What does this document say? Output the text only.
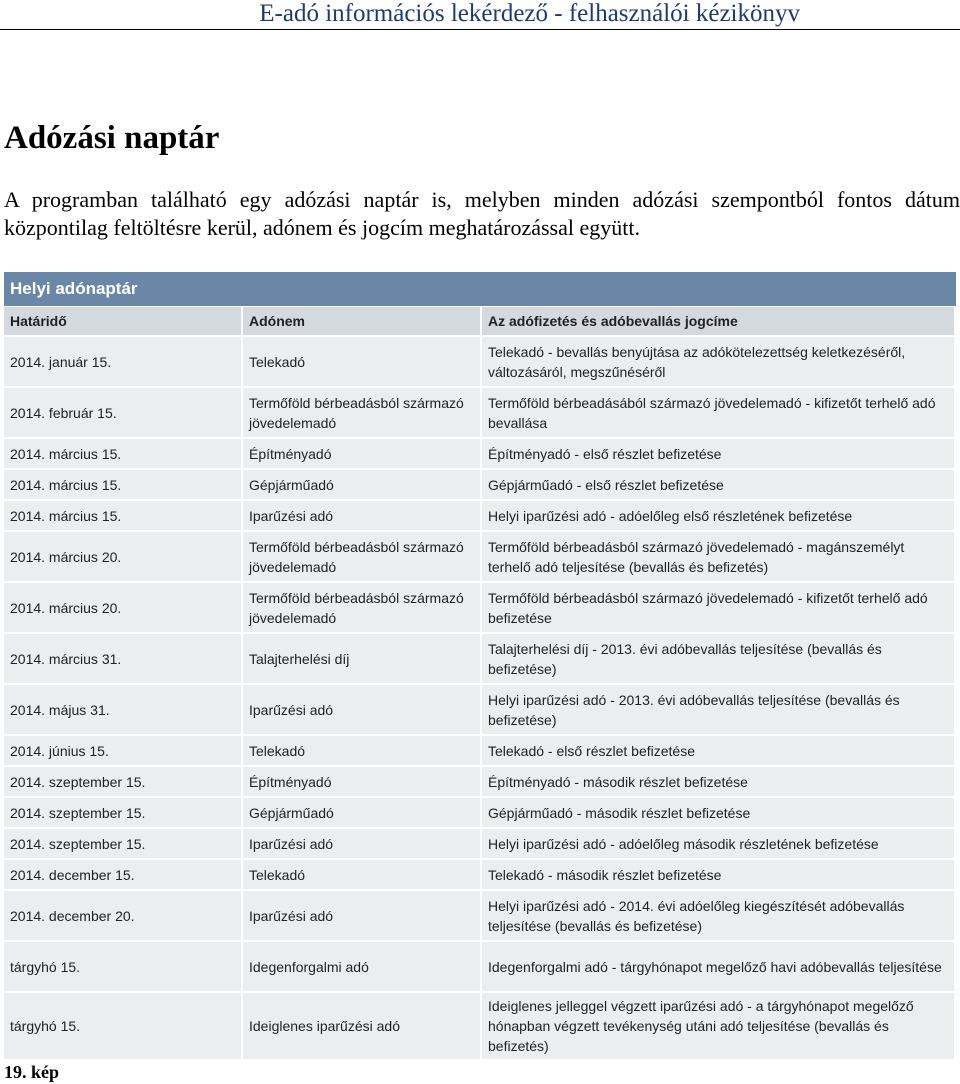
E-adó információs lekérdező - felhasználói kézikönyv
Adózási naptár

A programban található egy adózási naptár is, melyben minden adózási szempontból fontos dátum központilag feltöltésre kerül, adónem és jogcím meghatározással együtt.

Helyi adónaptár
Határidő	Adónem	Az adófizetés és adóbevallás jogcíme
2014. január 15.	Telekadó	Telekadó - bevallás benyújtása az adókötelezettség keletkezéséről, változásáról, megszűnéséről
2014. február 15.	Termőföld bérbeadásból származó jövedelemadó	Termőföld bérbeadásából származó jövedelemadó - kifizetőt terhelő adó bevallása
2014. március 15.	Építményadó	Építményadó - első részlet befizetése
2014. március 15.	Gépjárműadó	Gépjárműadó - első részlet befizetése
2014. március 15.	Iparűzési adó	Helyi iparűzési adó - adóelőleg első részletének befizetése
2014. március 20.	Termőföld bérbeadásból származó jövedelemadó	Termőföld bérbeadásból származó jövedelemadó - magánszemélyt terhelő adó teljesítése (bevallás és befizetés)
2014. március 20.	Termőföld bérbeadásból származó jövedelemadó	Termőföld bérbeadásból származó jövedelemadó - kifizetőt terhelő adó befizetése
2014. március 31.	Talajterhelési díj	Talajterhelési díj - 2013. évi adóbevallás teljesítése (bevallás és befizetése)
2014. május 31.	Iparűzési adó	Helyi iparűzési adó - 2013. évi adóbevallás teljesítése (bevallás és befizetése)
2014. június 15.	Telekadó	Telekadó - első részlet befizetése
2014. szeptember 15.	Építményadó	Építményadó - második részlet befizetése
2014. szeptember 15.	Gépjárműadó	Gépjárműadó - második részlet befizetése
2014. szeptember 15.	Iparűzési adó	Helyi iparűzési adó - adóelőleg második részletének befizetése
2014. december 15.	Telekadó	Telekadó - második részlet befizetése
2014. december 20.	Iparűzési adó	Helyi iparűzési adó - 2014. évi adóelőleg kiegészítését adóbevallás teljesítése (bevallás és befizetése)
tárgyhó 15.	Idegenforgalmi adó	Idegenforgalmi adó - tárgyhónapot megelőző havi adóbevallás teljesítése
tárgyhó 15.	Ideiglenes iparűzési adó	Ideiglenes jelleggel végzett iparűzési adó - a tárgyhónapot megelőző hónapban végzett tevékenység utáni adó teljesítése (bevallás és befizetés)
19. kép
